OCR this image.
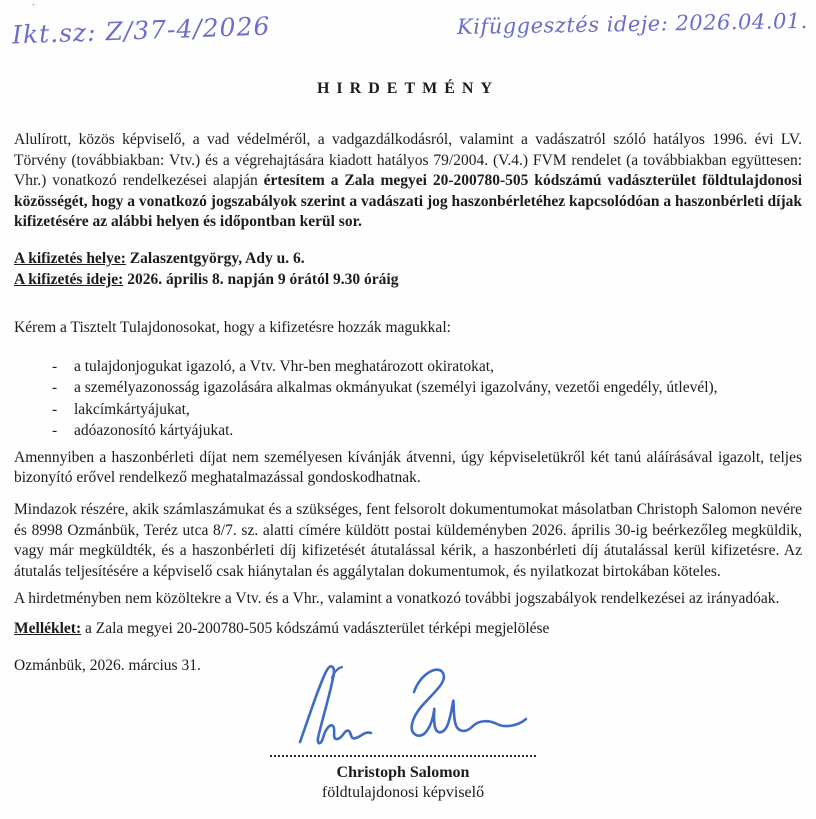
˺
Ikt.sz: Z/37-4/2026	Kifüggesztés ideje: 2026.04.01.
HIRDETMÉNY

Alulírott, közös képviselő, a vad védelméről, a vadgazdálkodásról, valamint a vadászatról szóló hatályos 1996. évi LV. Törvény (továbbiakban: Vtv.) és a végrehajtására kiadott hatályos 79/2004. (V.4.) FVM rendelet (a továbbiakban együttesen: Vhr.) vonatkozó rendelkezései alapján értesítem a Zala megyei 20-200780-505 kódszámú vadászterület földtulajdonosi közösségét, hogy a vonatkozó jogszabályok szerint a vadászati jog haszonbérletéhez kapcsolódóan a haszonbérleti díjak kifizetésére az alábbi helyen és időpontban kerül sor.

A kifizetés helye: Zalaszentgyörgy, Ady u. 6.
A kifizetés ideje: 2026. április 8. napján 9 órától 9.30 óráig

Kérem a Tisztelt Tulajdonosokat, hogy a kifizetésre hozzák magukkal:

- a tulajdonjogukat igazoló, a Vtv. Vhr-ben meghatározott okiratokat,
- a személyazonosság igazolására alkalmas okmányukat (személyi igazolvány, vezetői engedély, útlevél),
- lakcímkártyájukat,
- adóazonosító kártyájukat.

Amennyiben a haszonbérleti díjat nem személyesen kívánják átvenni, úgy képviseletükről két tanú aláírásával igazolt, teljes bizonyító erővel rendelkező meghatalmazással gondoskodhatnak.

Mindazok részére, akik számlaszámukat és a szükséges, fent felsorolt dokumentumokat másolatban Christoph Salomon nevére és 8998 Ozmánbük, Teréz utca 8/7. sz. alatti címére küldött postai küldeményben 2026. április 30-ig beérkezőleg megküldik, vagy már megküldték, és a haszonbérleti díj kifizetését átutalással kérik, a haszonbérleti díj átutalással kerül kifizetésre. Az átutalás teljesítésére a képviselő csak hiánytalan és aggálytalan dokumentumok, és nyilatkozat birtokában köteles.

A hirdetményben nem közöltekre a Vtv. és a Vhr., valamint a vonatkozó további jogszabályok rendelkezései az irányadóak.

Melléklet: a Zala megyei 20-200780-505 kódszámú vadászterület térképi megjelölése

Ozmánbük, 2026. március 31.

Christoph Salomon
földtulajdonosi képviselő
